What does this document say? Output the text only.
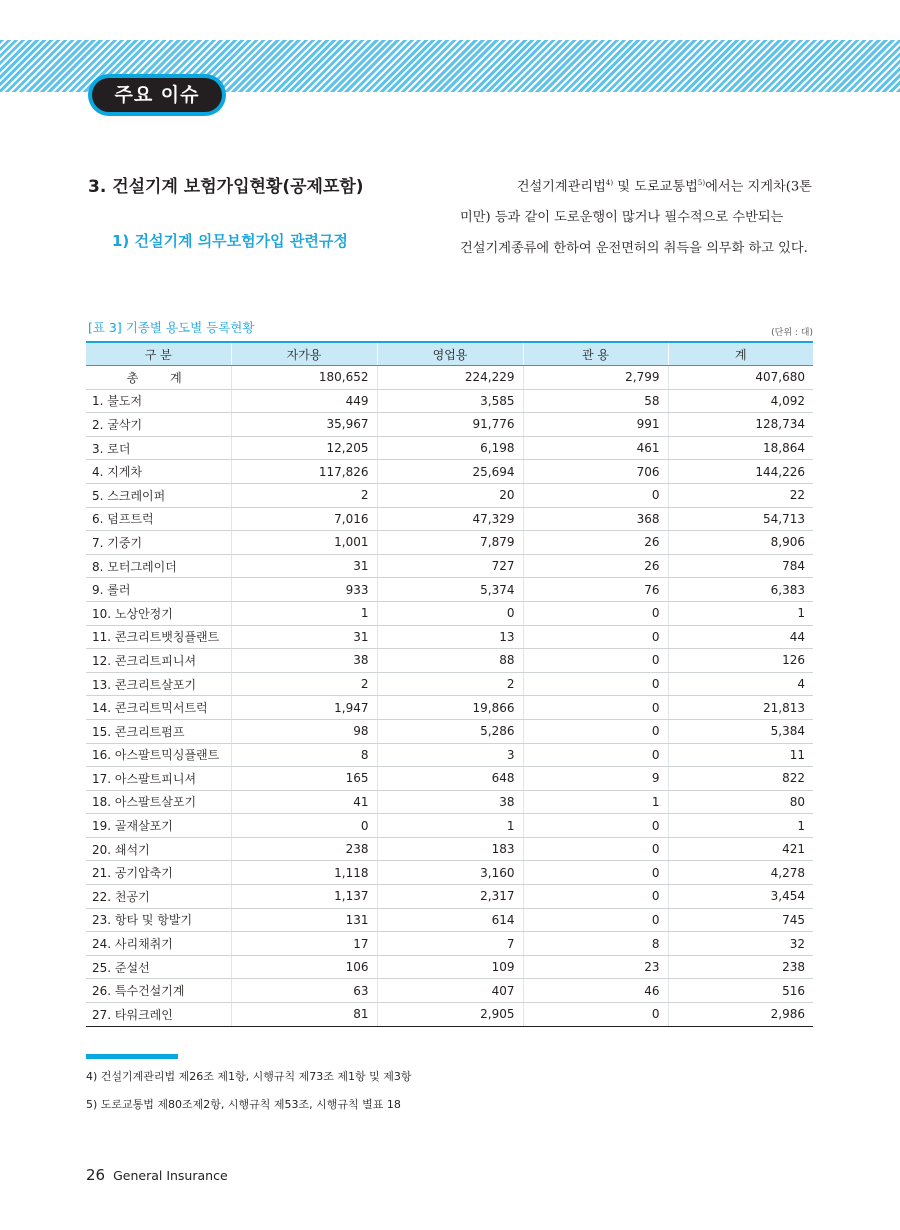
주요 이슈
3. 건설기계 보험가입현황(공제포함)
1) 건설기계 의무보험가입 관련규정

건설기계관리법$^{4)}$ 및 도로교통법$^{5)}$에서는 지게차(3톤

미만) 등과 같이 도로운행이 많거나 필수적으로 수반되는

건설기계종류에 한하여 운전면허의 취득을 의무화 하고 있다.

[표 3] 기종별 용도별 등록현황	(단위 : 대)
구 분	자가용	영업용	관 용	계
총 계	180,652	224,229	2,799	407,680
1. 불도저	449	3,585	58	4,092
2. 굴삭기	35,967	91,776	991	128,734
3. 로더	12,205	6,198	461	18,864
4. 지게차	117,826	25,694	706	144,226
5. 스크레이퍼	2	20	0	22
6. 덤프트럭	7,016	47,329	368	54,713
7. 기중기	1,001	7,879	26	8,906
8. 모터그레이더	31	727	26	784
9. 롤러	933	5,374	76	6,383
10. 노상안정기	1	0	0	1
11. 콘크리트뱃칭플랜트	31	13	0	44
12. 콘크리트피니셔	38	88	0	126
13. 콘크리트살포기	2	2	0	4
14. 콘크리트믹서트럭	1,947	19,866	0	21,813
15. 콘크리트펌프	98	5,286	0	5,384
16. 아스팔트믹싱플랜트	8	3	0	11
17. 아스팔트피니셔	165	648	9	822
18. 아스팔트살포기	41	38	1	80
19. 골재살포기	0	1	0	1
20. 쇄석기	238	183	0	421
21. 공기압축기	1,118	3,160	0	4,278
22. 천공기	1,137	2,317	0	3,454
23. 항타 및 항발기	131	614	0	745
24. 사리채취기	17	7	8	32
25. 준설선	106	109	23	238
26. 특수건설기계	63	407	46	516
27. 타워크레인	81	2,905	0	2,986
4) 건설기계관리법 제26조 제1항, 시행규칙 제73조 제1항 및 제3항
5) 도로교통법 제80조제2항, 시행규칙 제53조, 시행규칙 별표 18
26 General Insurance
